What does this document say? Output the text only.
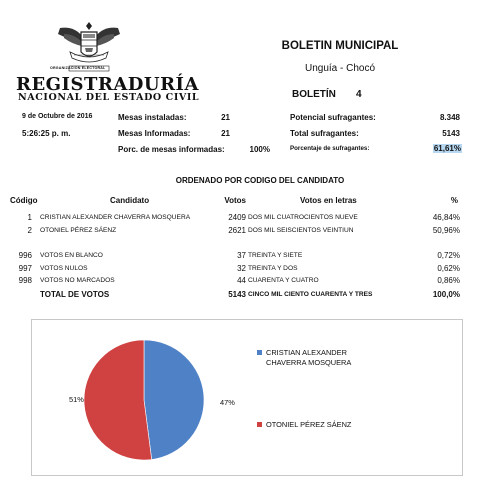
ORGANIZACION ELECTORAL
REGISTRADURÍA
NACIONAL DEL ESTADO CIVIL
BOLETIN MUNICIPAL
Unguía - Chocó
BOLETÍN 4
9 de Octubre de 2016
5:26:25 p. m.
Mesas instaladas:	21
Mesas Informadas:	21
Porc. de mesas informadas:	100%
Potencial sufragantes:	8.348
Total sufragantes:	5143
Porcentaje de sufragantes:	61,61%
ORDENADO POR CODIGO DEL CANDIDATO
Código	Candidato	Votos	Votos en letras	%
1 CRISTIAN ALEXANDER CHAVERRA MOSQUERA	2409 DOS MIL CUATROCIENTOS NUEVE	46,84%
2 OTONIEL PÉREZ SÁENZ	2621 DOS MIL SEISCIENTOS VEINTIUN	50,96%
996 VOTOS EN BLANCO	37 TREINTA Y SIETE	0,72%
997 VOTOS NULOS	32 TREINTA Y DOS	0,62%
998 VOTOS NO MARCADOS	44 CUARENTA Y CUATRO	0,86%
TOTAL DE VOTOS	5143 CINCO MIL CIENTO CUARENTA Y TRES	100,0%
CRISTIAN ALEXANDER
CHAVERRA MOSQUERA
OTONIEL PÉREZ SÁENZ
47%
51%
